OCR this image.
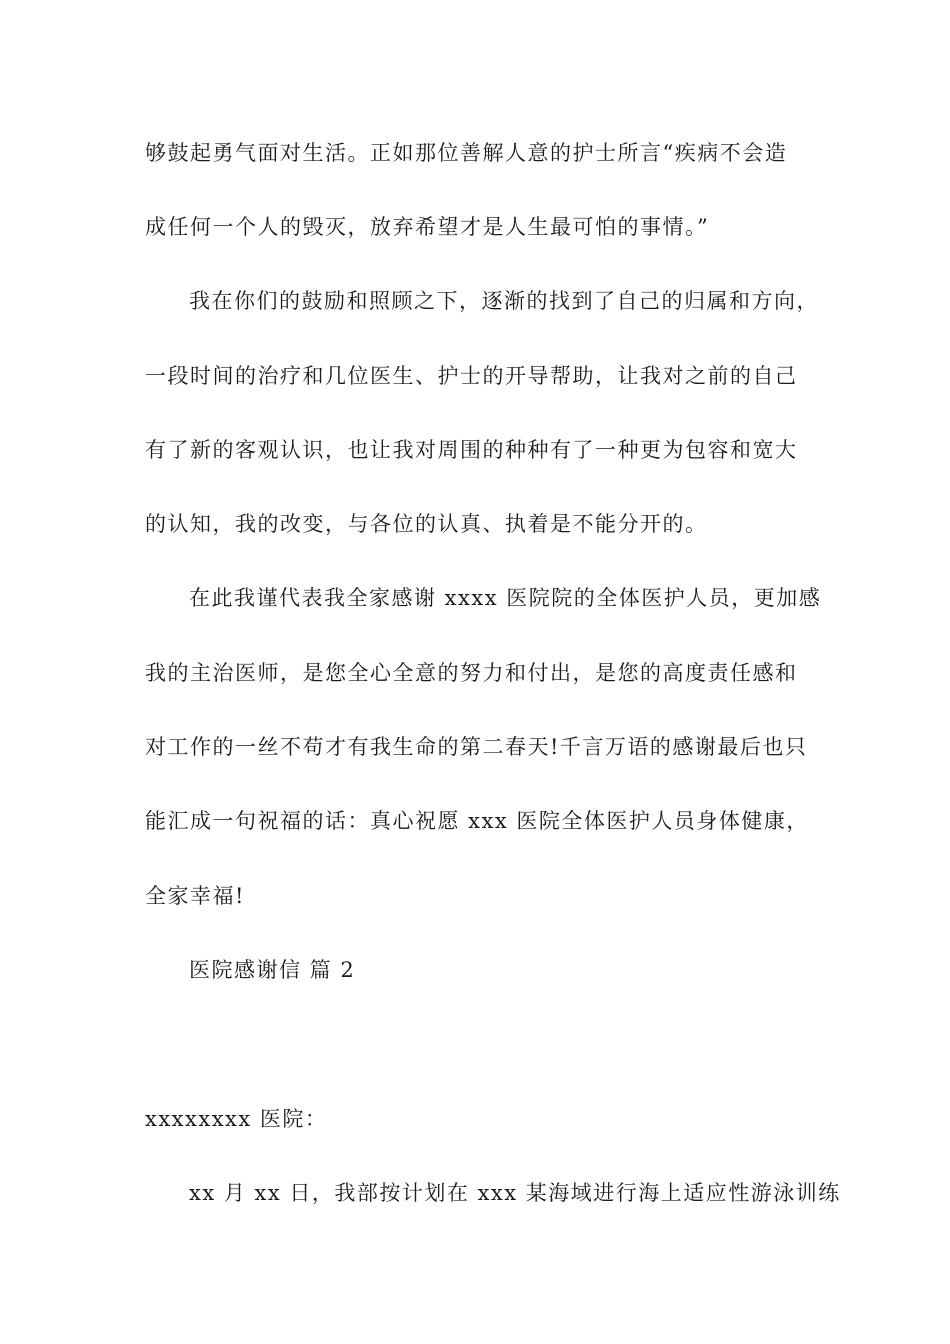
够鼓起勇气面对生活。正如那位善解人意的护士所言“疾病不会造
成任何一个人的毁灭，放弃希望才是人生最可怕的事情。”
我在你们的鼓励和照顾之下，逐渐的找到了自己的归属和方向，
一段时间的治疗和几位医生、护士的开导帮助，让我对之前的自己
有了新的客观认识，也让我对周围的种种有了一种更为包容和宽大
的认知，我的改变，与各位的认真、执着是不能分开的。
在此我谨代表我全家感谢 xxxx 医院院的全体医护人员，更加感
我的主治医师，是您全心全意的努力和付出，是您的高度责任感和
对工作的一丝不苟才有我生命的第二春天!千言万语的感谢最后也只
能汇成一句祝福的话：真心祝愿 xxx 医院全体医护人员身体健康，
全家幸福!
医院感谢信 篇 2
xxxxxxxx 医院：
xx 月 xx 日，我部按计划在 xxx 某海域进行海上适应性游泳训练
